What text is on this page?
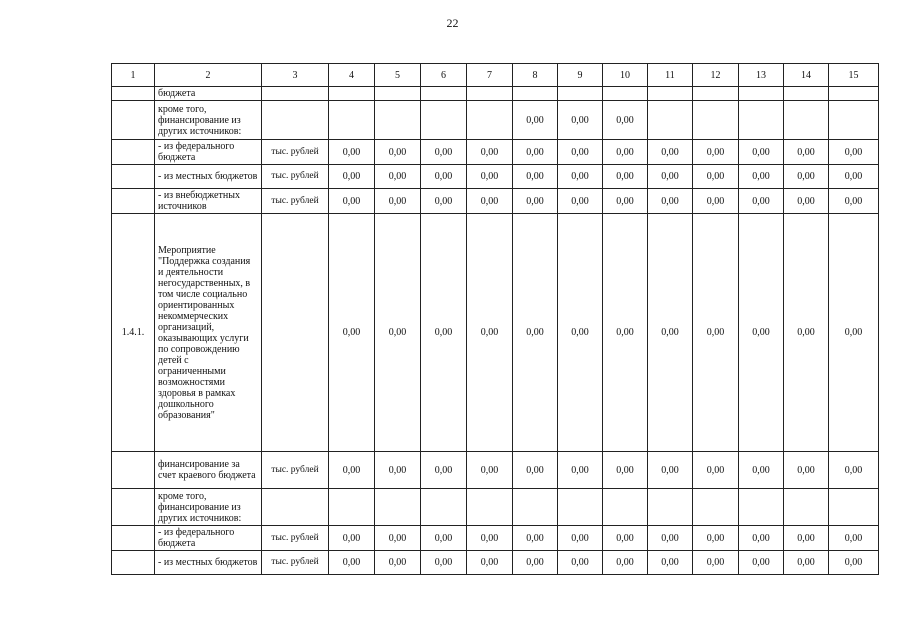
22
1	2	3	4	5	6	7	8	9	10	11	12	13	14	15
	бюджета													
	кроме того, финансирование из других источников:						0,00	0,00	0,00					
	- из федерального бюджета	тыс. рублей	0,00	0,00	0,00	0,00	0,00	0,00	0,00	0,00	0,00	0,00	0,00	0,00
	- из местных бюджетов	тыс. рублей	0,00	0,00	0,00	0,00	0,00	0,00	0,00	0,00	0,00	0,00	0,00	0,00
	- из внебюджетных источников	тыс. рублей	0,00	0,00	0,00	0,00	0,00	0,00	0,00	0,00	0,00	0,00	0,00	0,00
1.4.1.	Мероприятие "Поддержка создания и деятельности негосударственных, в том числе социально ориентированных некоммерческих организаций, оказывающих услуги по сопровождению детей с ограниченными возможностями здоровья в рамках дошкольного образования"		0,00	0,00	0,00	0,00	0,00	0,00	0,00	0,00	0,00	0,00	0,00	0,00
	финансирование за счет краевого бюджета	тыс. рублей	0,00	0,00	0,00	0,00	0,00	0,00	0,00	0,00	0,00	0,00	0,00	0,00
	кроме того, финансирование из других источников:													
	- из федерального бюджета	тыс. рублей	0,00	0,00	0,00	0,00	0,00	0,00	0,00	0,00	0,00	0,00	0,00	0,00
	- из местных бюджетов	тыс. рублей	0,00	0,00	0,00	0,00	0,00	0,00	0,00	0,00	0,00	0,00	0,00	0,00
